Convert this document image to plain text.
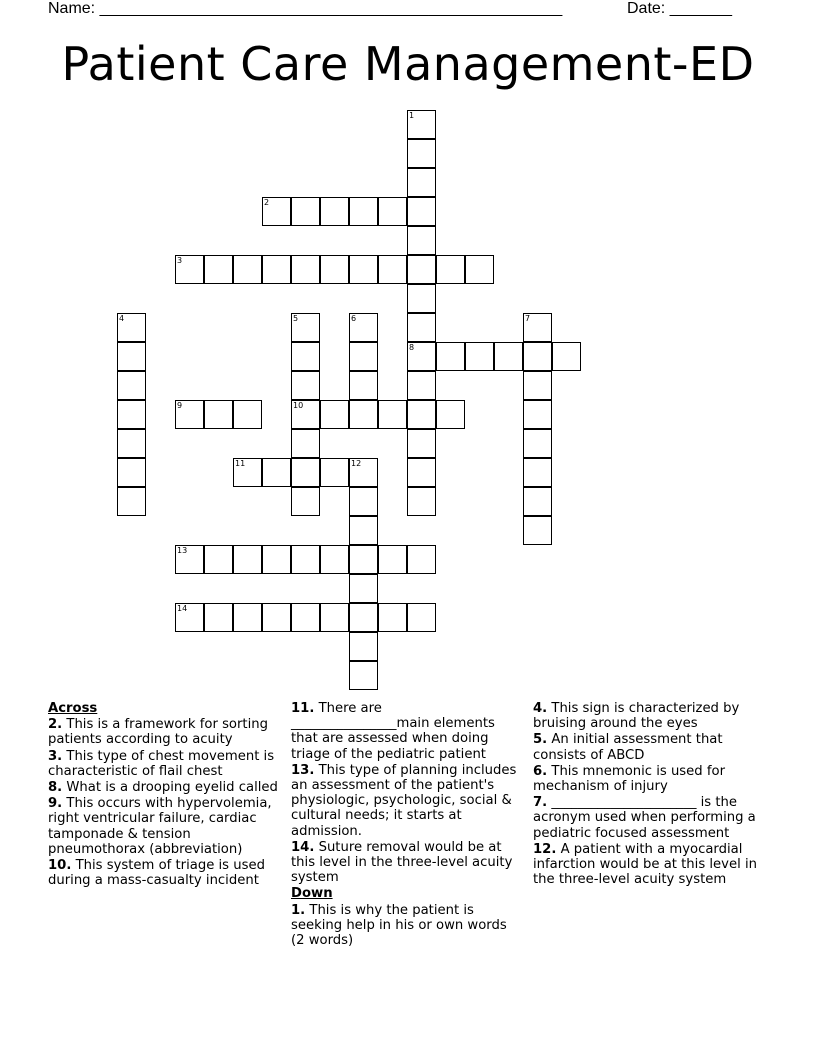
Name: ____________________________________________________	Date: _______
Patient Care Management-ED
1
8
2
3
4	5
10
6	7
9
11	12
13
14
Across
2. This is a framework for sorting patients according to acuity
3. This type of chest movement is characteristic of flail chest
8. What is a drooping eyelid called
9. This occurs with hypervolemia, right ventricular failure, cardiac tamponade & tension pneumothorax (abbreviation)
10. This system of triage is used during a mass-casualty incident
11. There are ________________main elements that are assessed when doing triage of the pediatric patient
13. This type of planning includes an assessment of the patient's physiologic, psychologic, social & cultural needs; it starts at admission.
14. Suture removal would be at this level in the three-level acuity system
Down
1. This is why the patient is seeking help in his or own words (2 words)
4. This sign is characterized by bruising around the eyes
5. An initial assessment that consists of ABCD
6. This mnemonic is used for mechanism of injury
7. ______________________ is the acronym used when performing a pediatric focused assessment
12. A patient with a myocardial infarction would be at this level in the three-level acuity system
